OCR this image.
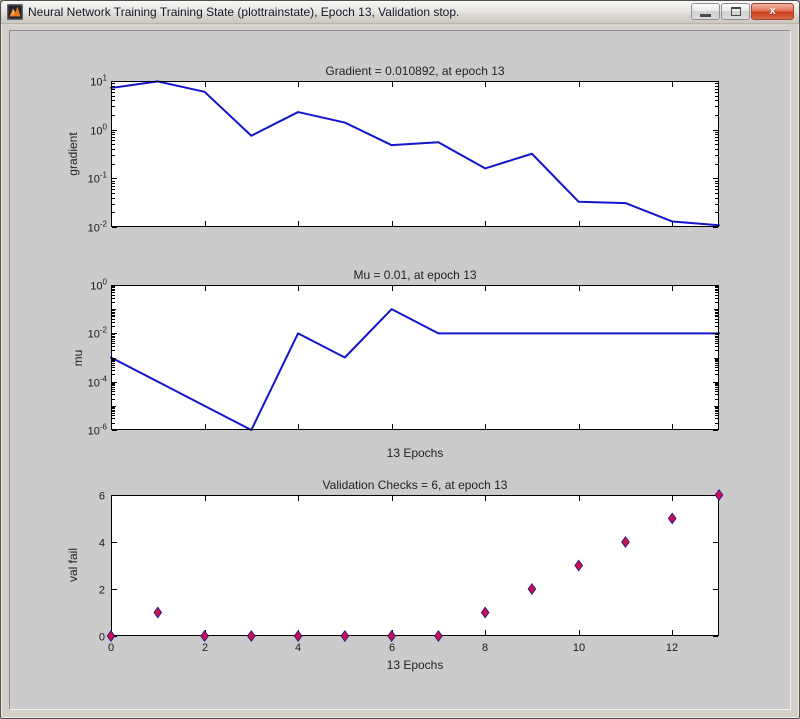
Neural Network Training Training State (plottrainstate), Epoch 13, Validation stop.	x
$10^1$
$10^0$
$10^{-1}$
$10^{-2}$
$10^0$
$10^{-2}$
$10^{-4}$
$10^{-6}$
0
2
4
6
0	2	4	6	8	10	12
Gradient = 0.010892, at epoch 13
Mu = 0.01, at epoch 13
Validation Checks = 6, at epoch 13
gradient
mu
val fail
13 Epochs
13 Epochs
